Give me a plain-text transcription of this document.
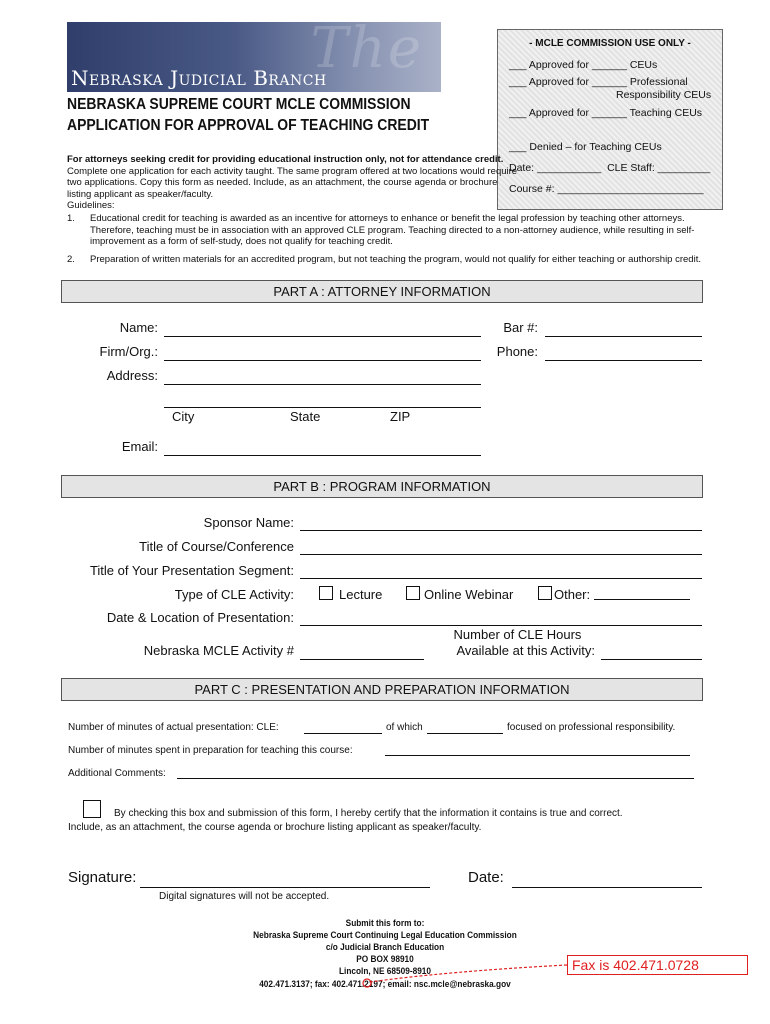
The
Nebraska Judicial Branch
NEBRASKA SUPREME COURT MCLE COMMISSION
APPLICATION FOR APPROVAL OF TEACHING CREDIT
- MCLE COMMISSION USE ONLY -
___ Approved for ______ CEUs
___ Approved for ______ Professional
Responsibility CEUs
___ Approved for ______ Teaching CEUs
___ Denied – for Teaching CEUs
Date: ___________  CLE Staff: _________
Course #: _________________________
For attorneys seeking credit for providing educational instruction only, not for attendance credit.
Complete one application for each activity taught. The same program offered at two locations would require
two applications. Copy this form as needed. Include, as an attachment, the course agenda or brochure
listing applicant as speaker/faculty.
Guidelines:
1. Educational credit for teaching is awarded as an incentive for attorneys to enhance or benefit the legal profession by teaching other attorneys. Therefore, teaching must be in association with an approved CLE program. Teaching directed to a non-attorney audience, while resulting in self-improvement as a form of self-study, does not qualify for teaching credit.
2. Preparation of written materials for an accredited program, but not teaching the program, would not qualify for either teaching or authorship credit.
PART A : ATTORNEY INFORMATION
Name:	Bar #:
Firm/Org.:	Phone:
Address:
City	State	ZIP
Email:
PART B : PROGRAM INFORMATION
Sponsor Name:
Title of Course/Conference
Title of Your Presentation Segment:
Type of CLE Activity:	Lecture	Online Webinar	Other:
Date & Location of Presentation:
Nebraska MCLE Activity #
Number of CLE Hours
Available at this Activity:
PART C : PRESENTATION AND PREPARATION INFORMATION
Number of minutes of actual presentation: CLE:	of which	focused on professional responsibility.
Number of minutes spent in preparation for teaching this course:
Additional Comments:
By checking this box and submission of this form, I hereby certify that the information it contains is true and correct.
Include, as an attachment, the course agenda or brochure listing applicant as speaker/faculty.
Signature:	Date:
Digital signatures will not be accepted.
Submit this form to:
Nebraska Supreme Court Continuing Legal Education Commission
c/o Judicial Branch Education
PO BOX 98910
Lincoln, NE 68509-8910
402.471.3137; fax: 402.471.2197; email: nsc.mcle@nebraska.gov
Fax is 402.471.0728
